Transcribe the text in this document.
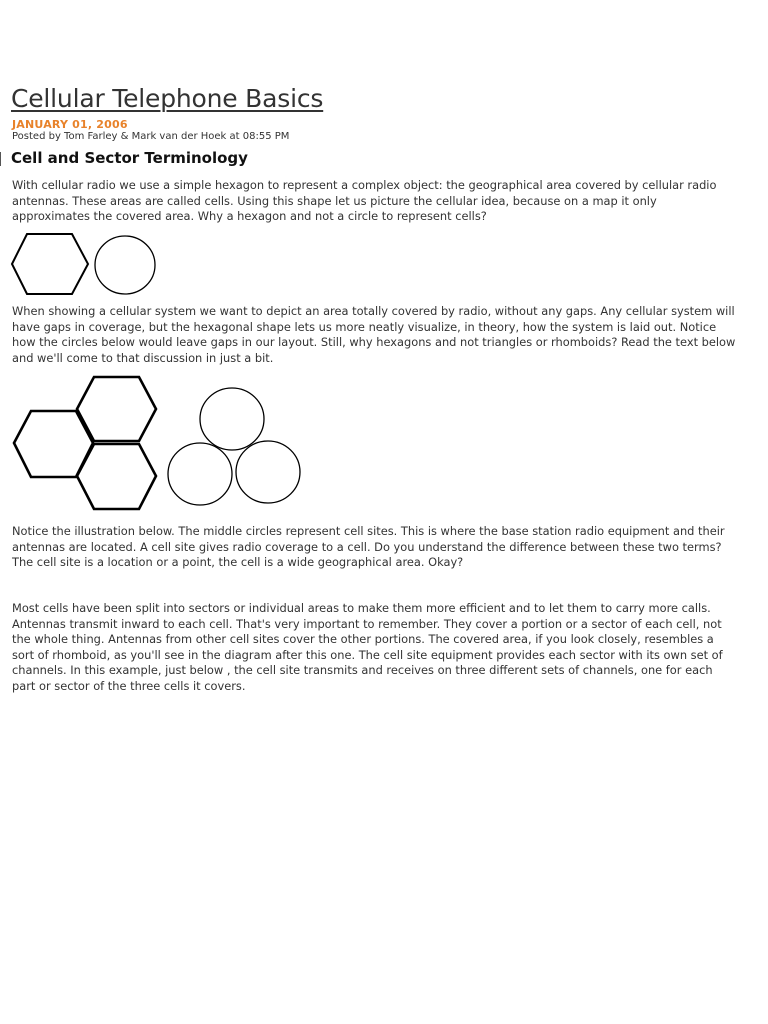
Cellular Telephone Basics
JANUARY 01, 2006
Posted by Tom Farley & Mark van der Hoek at 08:55 PM
Cell and Sector Terminology

With cellular radio we use a simple hexagon to represent a complex object: the geographical area covered by cellular radio antennas. These areas are called cells. Using this shape let us picture the cellular idea, because on a map it only approximates the covered area. Why a hexagon and not a circle to represent cells?

When showing a cellular system we want to depict an area totally covered by radio, without any gaps. Any cellular system will have gaps in coverage, but the hexagonal shape lets us more neatly visualize, in theory, how the system is laid out. Notice how the circles below would leave gaps in our layout. Still, why hexagons and not triangles or rhomboids? Read the text below and we'll come to that discussion in just a bit.

Notice the illustration below. The middle circles represent cell sites. This is where the base station radio equipment and their antennas are located. A cell site gives radio coverage to a cell. Do you understand the difference between these two terms? The cell site is a location or a point, the cell is a wide geographical area. Okay?

Most cells have been split into sectors or individual areas to make them more efficient and to let them to carry more calls. Antennas transmit inward to each cell. That's very important to remember. They cover a portion or a sector of each cell, not the whole thing. Antennas from other cell sites cover the other portions. The covered area, if you look closely, resembles a sort of rhomboid, as you'll see in the diagram after this one. The cell site equipment provides each sector with its own set of channels. In this example, just below , the cell site transmits and receives on three different sets of channels, one for each part or sector of the three cells it covers.
